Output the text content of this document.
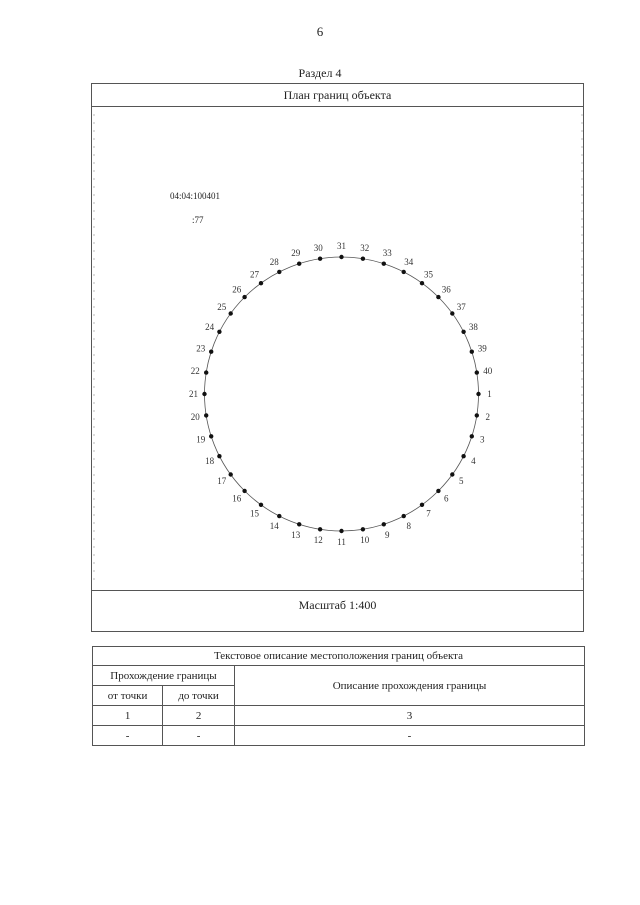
6
Раздел 4
04:04:100401
:77
1
2
3
4
5
6
7
8
9
10
11
12
13
14
15
16
17
18
19
20
21
22
23
24
25
26
27
28
29
30 31 32
33
34
35
36
37
38
39
40
План границ объекта
Масштаб 1:400
Текстовое описание местоположения границ объекта		
Прохождение границы		Описание прохождения границы
от точки	до точки	
1	2	3
-	-	-
